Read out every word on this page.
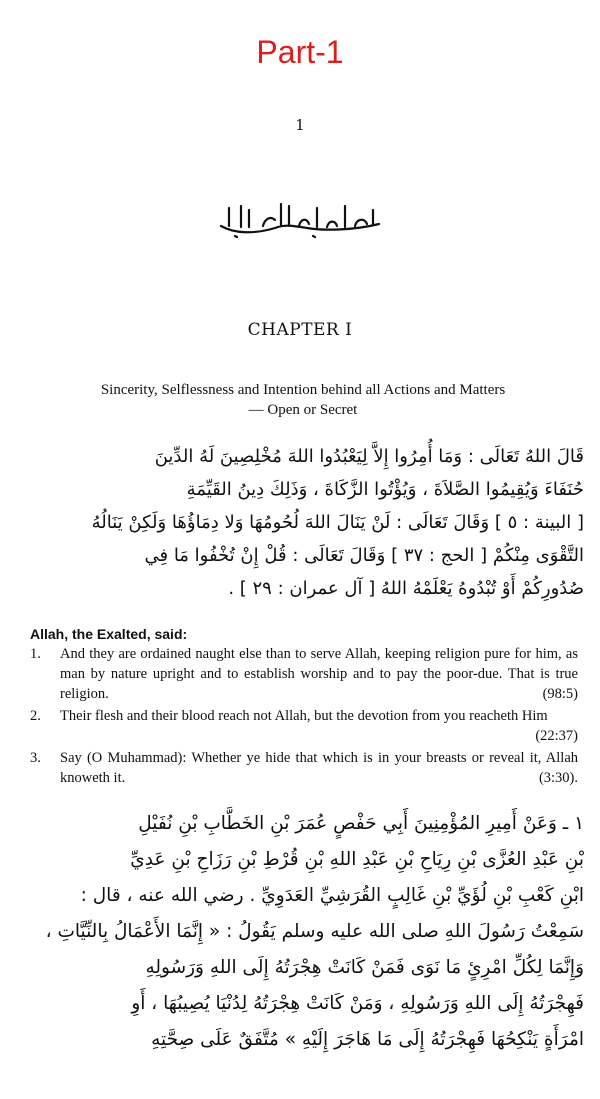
Part-1
1
CHAPTER I
Sincerity, Selflessness and Intention behind all Actions and Matters
— Open or Secret

قَالَ اللهُ تَعَالَى : وَمَا أُمِرُوا إِلاَّ لِيَعْبُدُوا اللهَ مُخْلِصِينَ لَهُ الدِّينَ

حُنَفَاءَ وَيُقِيمُوا الصَّلاَةَ ، وَيُؤْتُوا الزَّكَاةَ ، وَذَلِكَ دِينُ القَيِّمَةِ

[ البينة : ٥ ] وَقَالَ تَعَالَى : لَنْ يَنَالَ اللهَ لُحُومُهَا وَلا دِمَاؤُهَا وَلَكِنْ يَنَالُهُ

التَّقْوَى مِنْكُمْ [ الحج : ٣٧ ] وَقَالَ تَعَالَى : قُلْ إِنْ تُخْفُوا مَا فِي

صُدُورِكُمْ أَوْ تُبْدُوهُ يَعْلَمْهُ اللهُ [ آل عمران : ٢٩ ] .

Allah, the Exalted, said:

1.	And they are ordained naught else than to serve Allah, keeping religion pure for him, as man by nature upright and to establish worship and to pay the poor-due. That is true religion.	(98:5)
2.	Their flesh and their blood reach not Allah, but the devotion from you reacheth Him
(22:37)
3.	Say (O Muhammad): Whether ye hide that which is in your breasts or reveal it, Allah knoweth it.	(3:30).

١ ـ وَعَنْ أَمِيرِ المُؤْمِنِينَ أَبِي حَفْصٍ عُمَرَ بْنِ الخَطَّابِ بْنِ نُفَيْلِ

بْنِ عَبْدِ العُزَّى بْنِ رِيَاحِ بْنِ عَبْدِ اللهِ بْنِ قُرْطِ بْنِ رَزَاحِ بْنِ عَدِيِّ

ابْنِ كَعْبِ بْنِ لُؤَيِّ بْنِ غَالِبٍ القُرَشِيِّ العَدَوِيِّ . رضي الله عنه ، قال :

سَمِعْتُ رَسُولَ اللهِ صلى الله عليه وسلم يَقُولُ : « إِنَّمَا الأَعْمَالُ بِالنِّيَّاتِ ،

وَإِنَّمَا لِكُلِّ امْرِئٍ مَا نَوَى فَمَنْ كَانَتْ هِجْرَتُهُ إِلَى اللهِ وَرَسُولِهِ

فَهِجْرَتُهُ إِلَى اللهِ وَرَسُولِهِ ، وَمَنْ كَانَتْ هِجْرَتُهُ لِدُنْيَا يُصِيبُهَا ، أَوِ

امْرَأَةٍ يَنْكِحُهَا فَهِجْرَتُهُ إِلَى مَا هَاجَرَ إِلَيْهِ » مُتَّفَقٌ عَلَى صِحَّتِهِ
